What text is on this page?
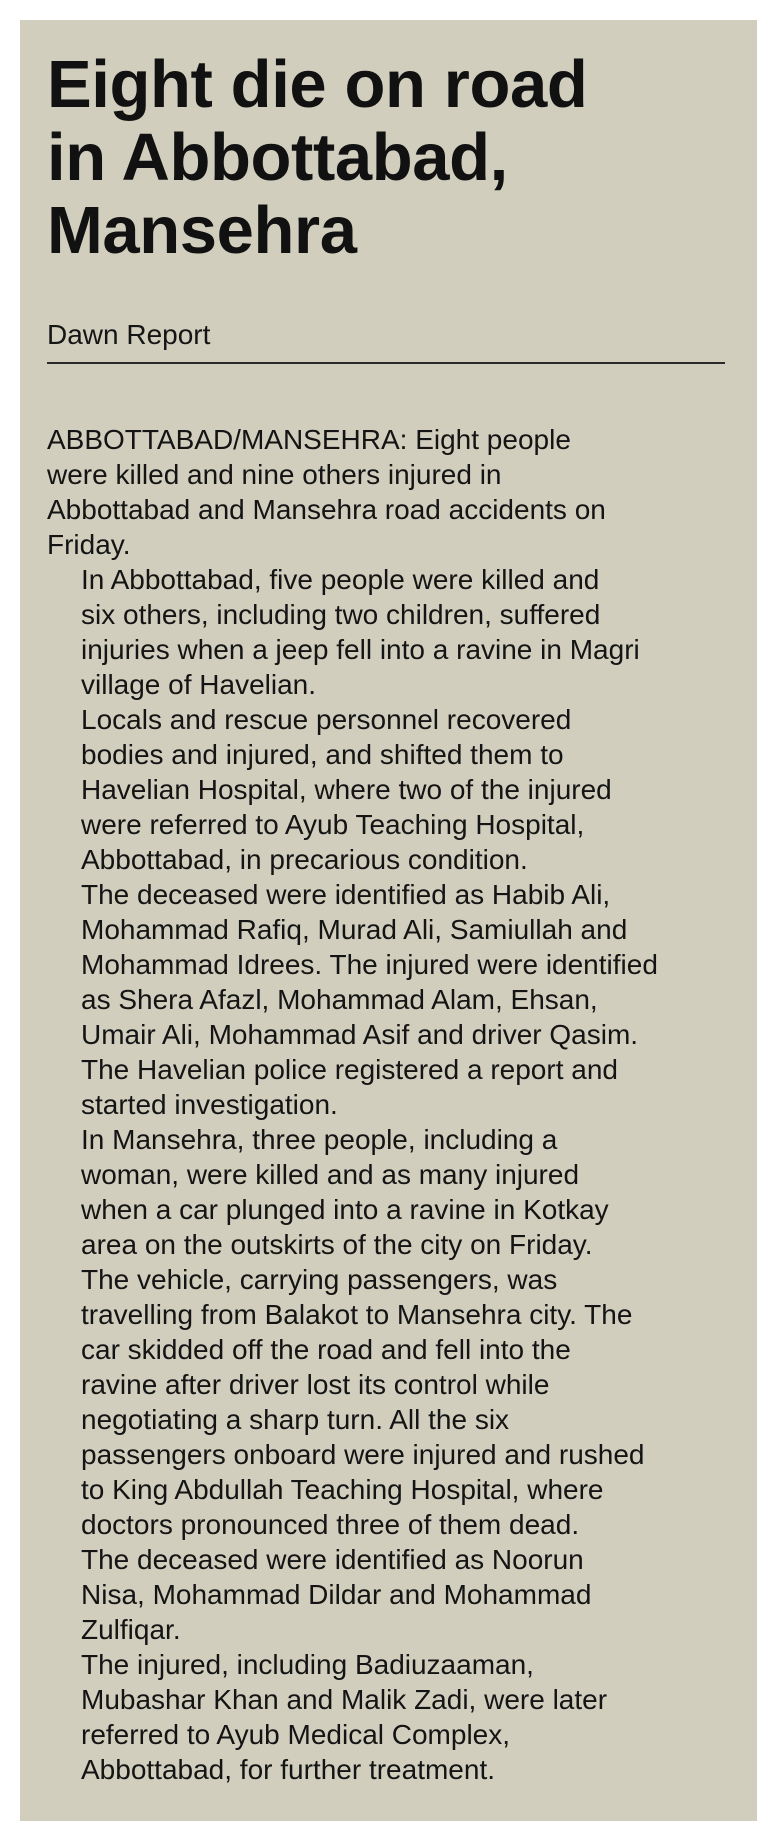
Eight die on road
in Abbottabad,
Mansehra
Dawn Report

ABBOTTABAD/MANSEHRA: Eight people
were killed and nine others injured in
Abbottabad and Mansehra road accidents on
Friday.

In Abbottabad, five people were killed and
six others, including two children, suffered
injuries when a jeep fell into a ravine in Magri
village of Havelian.

Locals and rescue personnel recovered
bodies and injured, and shifted them to
Havelian Hospital, where two of the injured
were referred to Ayub Teaching Hospital,
Abbottabad, in precarious condition.

The deceased were identified as Habib Ali,
Mohammad Rafiq, Murad Ali, Samiullah and
Mohammad Idrees. The injured were identified
as Shera Afazl, Mohammad Alam, Ehsan,
Umair Ali, Mohammad Asif and driver Qasim.

The Havelian police registered a report and
started investigation.

In Mansehra, three people, including a
woman, were killed and as many injured
when a car plunged into a ravine in Kotkay
area on the outskirts of the city on Friday.

The vehicle, carrying passengers, was
travelling from Balakot to Mansehra city. The
car skidded off the road and fell into the
ravine after driver lost its control while
negotiating a sharp turn. All the six
passengers onboard were injured and rushed
to King Abdullah Teaching Hospital, where
doctors pronounced three of them dead.

The deceased were identified as Noorun
Nisa, Mohammad Dildar and Mohammad
Zulfiqar.

The injured, including Badiuzaaman,
Mubashar Khan and Malik Zadi, were later
referred to Ayub Medical Complex,
Abbottabad, for further treatment.
